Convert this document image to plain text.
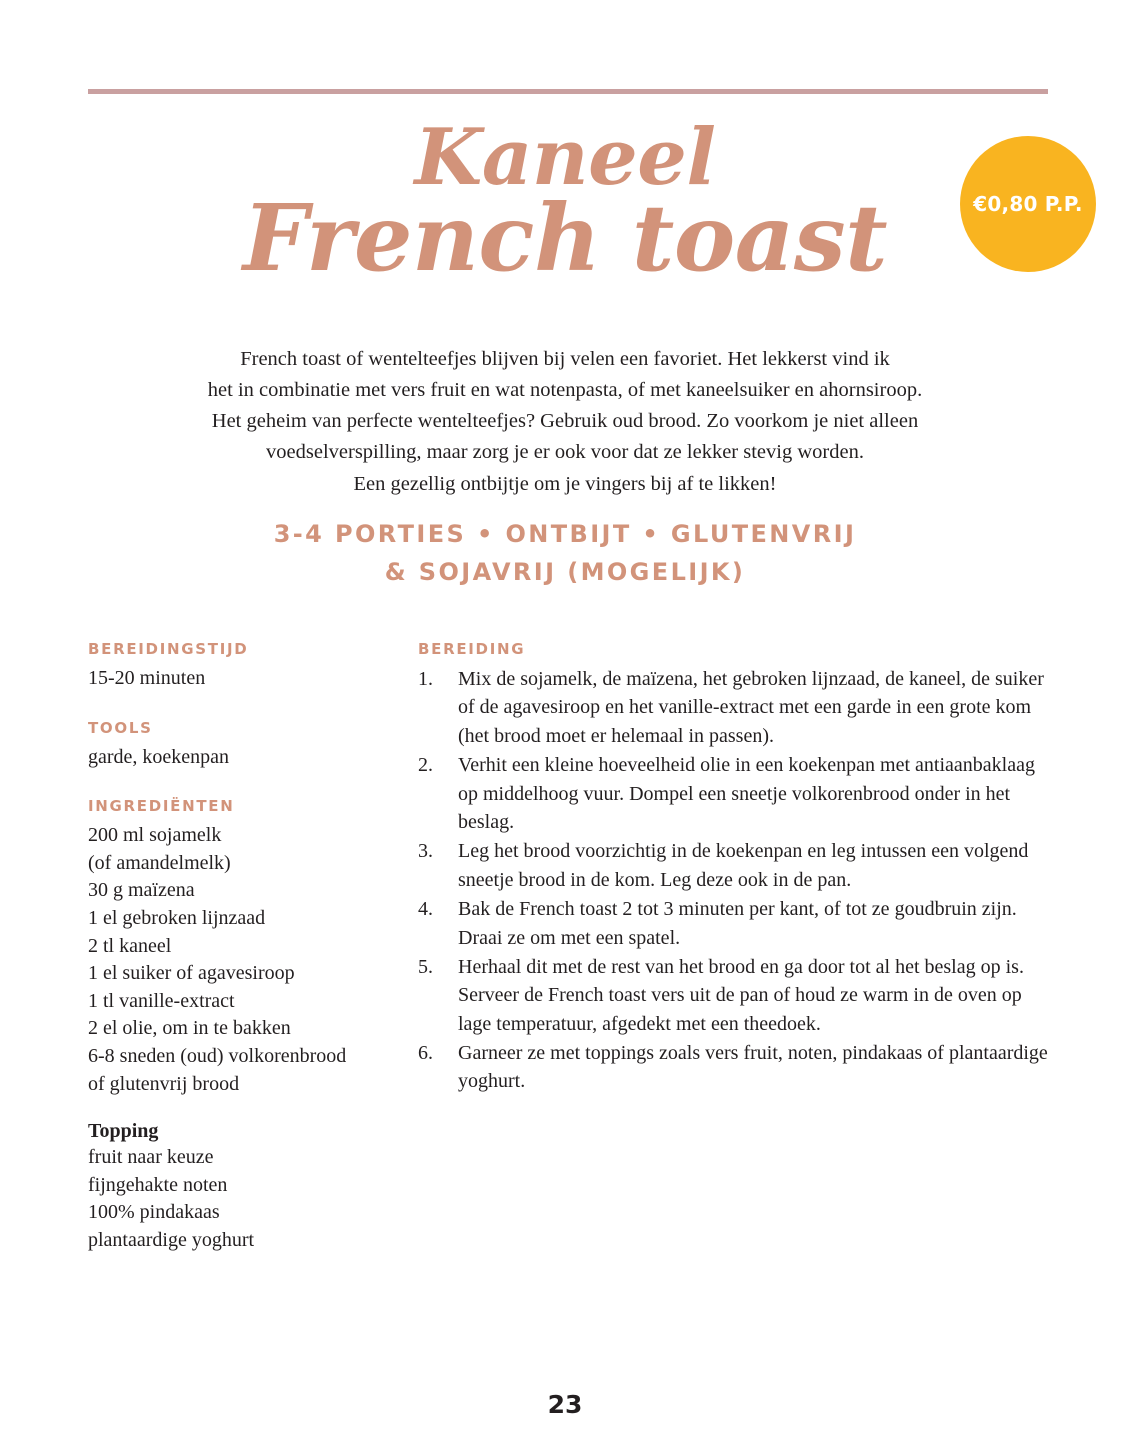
Kaneel
French toast	€0,80 P.P.

French toast of wentelteefjes blijven bij velen een favoriet. Het lekkerst vind ik

het in combinatie met vers fruit en wat notenpasta, of met kaneelsuiker en ahornsiroop.

Het geheim van perfecte wentelteefjes? Gebruik oud brood. Zo voorkom je niet alleen

voedselverspilling, maar zorg je er ook voor dat ze lekker stevig worden.

Een gezellig ontbijtje om je vingers bij af te likken!

3-4 PORTIES • ONTBIJT • GLUTENVRIJ
& SOJAVRIJ (MOGELIJK)
BEREIDINGSTIJD
15-20 minuten
TOOLS
garde, koekenpan
INGREDIËNTEN
200 ml sojamelk
(of amandelmelk)
30 g maïzena
1 el gebroken lijnzaad
2 tl kaneel
1 el suiker of agavesiroop
1 tl vanille-extract
2 el olie, om in te bakken
6-8 sneden (oud) volkorenbrood
of glutenvrij brood
Topping
fruit naar keuze
fijngehakte noten
100% pindakaas
plantaardige yoghurt
BEREIDING
Mix de sojamelk, de maïzena, het gebroken lijnzaad, de kaneel, de suiker of de agavesiroop en het vanille-extract met een garde in een grote kom (het brood moet er helemaal in passen).
Verhit een kleine hoeveelheid olie in een koekenpan met antiaanbaklaag op middelhoog vuur. Dompel een sneetje volkorenbrood onder in het beslag.
Leg het brood voorzichtig in de koekenpan en leg intussen een volgend sneetje brood in de kom. Leg deze ook in de pan.
Bak de French toast 2 tot 3 minuten per kant, of tot ze goudbruin zijn. Draai ze om met een spatel.
Herhaal dit met de rest van het brood en ga door tot al het beslag op is. Serveer de French toast vers uit de pan of houd ze warm in de oven op lage temperatuur, afgedekt met een theedoek.
Garneer ze met toppings zoals vers fruit, noten, pindakaas of plantaardige yoghurt.
23
